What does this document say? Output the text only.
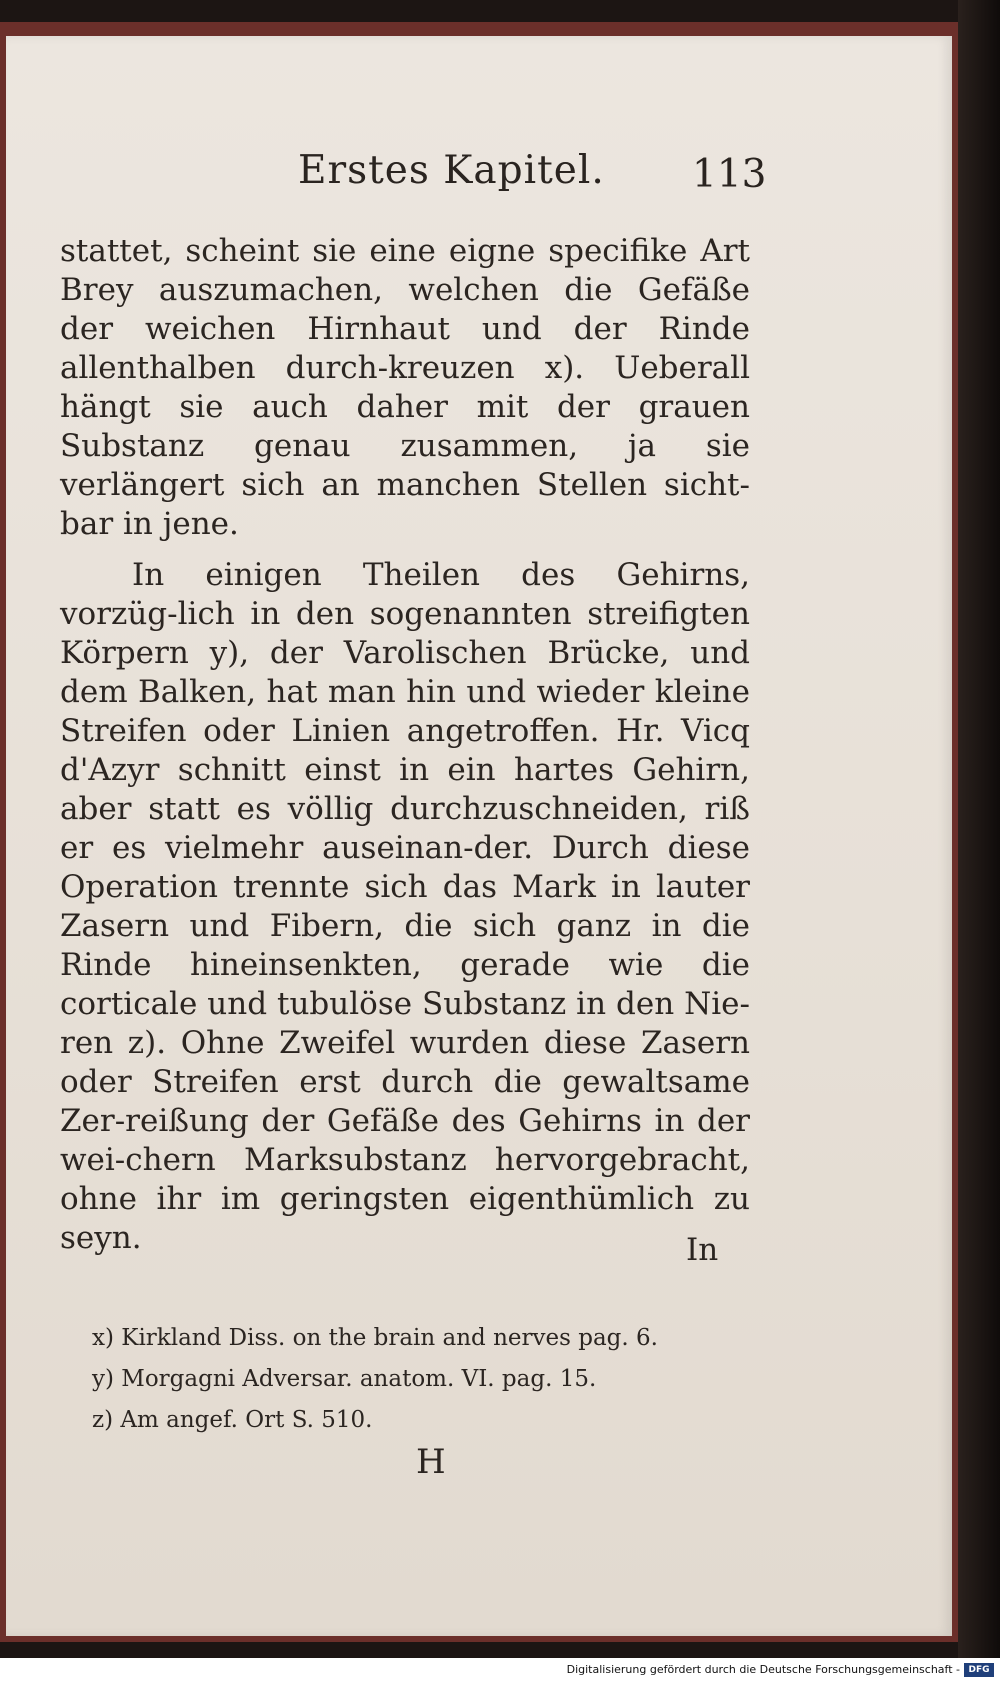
Erstes Kapitel. 113

stattet, scheint sie eine eigne specifike Art Brey auszumachen, welchen die Gefäße der weichen Hirnhaut und der Rinde allenthalben durch-kreuzen x). Ueberall hängt sie auch daher mit der grauen Substanz genau zusammen, ja sie verlängert sich an manchen Stellen sicht-bar in jene.

In einigen Theilen des Gehirns, vorzüg-lich in den sogenannten streifigten Körpern y), der Varolischen Brücke, und dem Balken, hat man hin und wieder kleine Streifen oder Linien angetroffen. Hr. Vicq d'Azyr schnitt einst in ein hartes Gehirn, aber statt es völlig durchzuschneiden, riß er es vielmehr auseinan-der. Durch diese Operation trennte sich das Mark in lauter Zasern und Fibern, die sich ganz in die Rinde hineinsenkten, gerade wie die corticale und tubulöse Substanz in den Nie-ren z). Ohne Zweifel wurden diese Zasern oder Streifen erst durch die gewaltsame Zer-reißung der Gefäße des Gehirns in der wei-chern Marksubstanz hervorgebracht, ohne ihr im geringsten eigenthümlich zu seyn.	In
x) Kirkland Diss. on the brain and nerves pag. 6.
y) Morgagni Adversar. anatom. VI. pag. 15.
z) Am angef. Ort S. 510.
H
Digitalisierung gefördert durch die Deutsche Forschungsgemeinschaft - DFG
